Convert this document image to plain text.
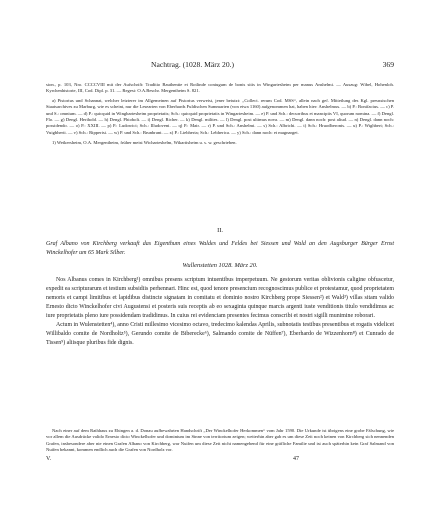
Nachtrag. (1028. März 20.)	369

sion., p. 103, Nro. CCCCVIII mit der Aufschrift: Traditio Bauthentie et Rotlinde coniugum de bonis sitis in Wingartesheim per manus Anshelmi. — Auszug: Wibel, Hohenloh. Kyrchenhistorie, III, Cod. Dipl. p. 31. — Regest: O.A.Beschr. Mergentheim S. 821.

a) Pistorius und Schannat, welcher letzterer im Allgemeinen auf Pistorius verweist, jener beiutzt: „Collect. rerum Cod. MSS“, allein nach gef. Mitteilung des Kgl. preussischen Staatsarchives zu Marburg, wie es scheint, nur die Lesearten von Eberhards Fuldischen Summarien (von etwa 1160) aufgenommen hat, haben hier: Anshelmus. — b) P.: Bonifacius. — c) P. und S.: omnium. — d) P.: quicquid in Wingbartesheim proprietatis; Sch.: quicquid proprietatis in Wingartesheim. — e) P. und Sch.: decurribus et mancipiis VI, quorum nomina. — f) Dengl. Flo. — g) Dengl. Herihold. — h) Dengl. Phiobolt. — i) Dengl. Richer. — k) Dengl. milites. — l) Dengl. post ultimus nova. — m) Dengl. dann noch: post aliud. — n) Dengl. dann noch: possidendo. — o) P.: XXIII. — p) P.: Ludowici; Sch.: Illudoveni. — q) P.: Mair. — r) P. und Sch.: Anshelmi. — s) Sch.: Albrichi. — t) Sch.: Hruodberonis. — u) P.: Wighbert; Sch.: Vuigbherti. — v) Sch.: Ripperisi. — w) P. und Sch.: Brunbrant. — x) P.: Liebheria; Sch.: Lebherica. — y) Sch.: dann noch: et magnarget.

1) Weikersheim, O.A. Mergentheim, früher meist Wicharteshelm, Wikartisheim u. s. w. geschrieben.

II.
Graf Albano von Kirchberg verkauft das Eigenthum eines Waldes und Feldes bei Siessen und Wald an den Augsburger Bürger Ernst Winckelhofer um 65 Mark Silber.
Wullenstetten 1028. März 20.

Nos Albanus comes in Kirchberg¹) omnibus presens scriptum intuentibus imperpetuum. Ne gestorum veritas oblivionis caligine obfuscetur, expedit ea scripturarum et testium subsidiis perhennari. Hinc est, quod tenore presencium recognoscimus publice et protestamur, quod proprietatem nemoris et campi limitibus et lapidibus distincte signatam in comitatu et dominio nostro Kirchberg prope Siessen²) et Wald³) villas sitam valido Ernesto dicto Winckelhofer civi Augustensi et posteris suis receptis ab eo sexaginta quinque marcis argenti iuste venditionis titulo vendidimus ac iure proprietatis pleno iure possidendam tradidimus. In cuius rei evidenciam presentes fecimus conscribi et nostri sigilli munimine roborari.

Actum in Wulenstetten⁴), anno Cristi millesimo vicesimo octavo, tredecimo kalendas Aprilis, subnotatis testibus presentibus et rogatis videlicet Willibaldo comite de Nordholtz⁵), Gerundo comite de Biberecke⁶), Salmando comite de Nüffen⁷), Eberhardo de Wizzenhorn⁸) et Cunrado de Tissen⁹) aliisque pluribus fide dignis.

Nach einer auf dem Rathhaus zu Ehingen a. d. Donau aufbewahrten Handschrift „Der Winckelhofer Herkommen“ vom Jahr 1590. Die Urkunde ist übrigens eine grobe Fälschung, wie vor allem die Ausdrücke valido Ernesto dicto Winckelhofer und dominium im Sinne von territorium zeigen; weiterhin aber gab es um diese Zeit noch keinen von Kirchberg sich nennenden Grafen, insbesondere aber nie einen Grafen Albano von Kirchberg, war Nuifen um diese Zeit nicht namengebend für eine gräfliche Familie und ist auch späterhin kein Graf Salmand von Nuifen bekannt, kommen endlich auch die Grafen von Nordholz vor.

V.	47
